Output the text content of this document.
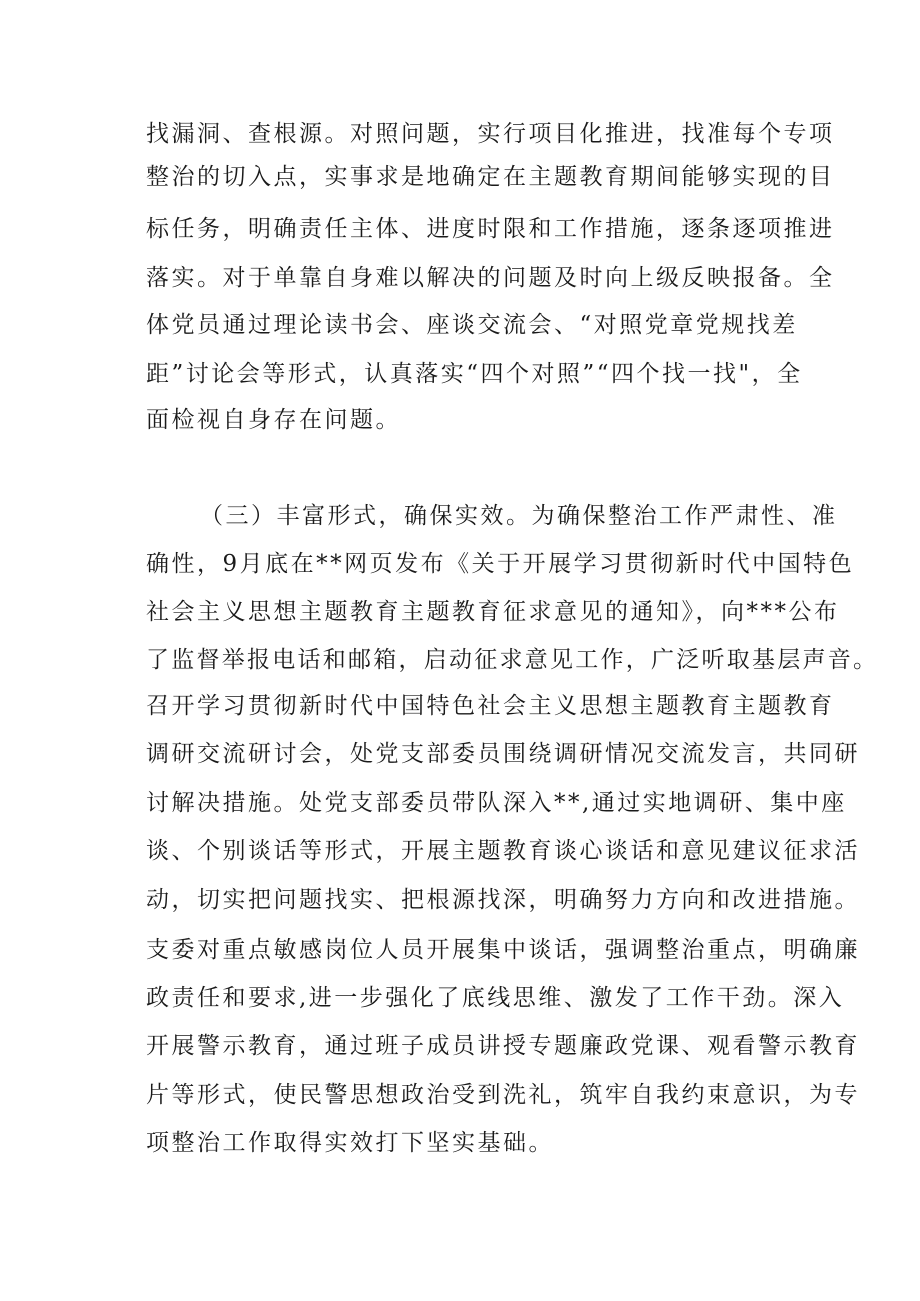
找漏洞、查根源。对照问题，实行项目化推进，找准每个专项
整治的切入点，实事求是地确定在主题教育期间能够实现的目
标任务，明确责任主体、进度时限和工作措施，逐条逐项推进
落实。对于单靠自身难以解决的问题及时向上级反映报备。全
体党员通过理论读书会、座谈交流会、“对照党章党规找差
距”讨论会等形式，认真落实“四个对照”“四个找一找"，全
面检视自身存在问题。
（三）丰富形式，确保实效。为确保整治工作严肃性、准
确性，9月底在**网页发布《关于开展学习贯彻新时代中国特色
社会主义思想主题教育主题教育征求意见的通知》，向***公布
了监督举报电话和邮箱，启动征求意见工作，广泛听取基层声音。
召开学习贯彻新时代中国特色社会主义思想主题教育主题教育
调研交流研讨会，处党支部委员围绕调研情况交流发言，共同研
讨解决措施。处党支部委员带队深入**,通过实地调研、集中座
谈、个别谈话等形式，开展主题教育谈心谈话和意见建议征求活
动，切实把问题找实、把根源找深，明确努力方向和改进措施。
支委对重点敏感岗位人员开展集中谈话，强调整治重点，明确廉
政责任和要求,进一步强化了底线思维、激发了工作干劲。深入
开展警示教育，通过班子成员讲授专题廉政党课、观看警示教育
片等形式，使民警思想政治受到洗礼，筑牢自我约束意识，为专
项整治工作取得实效打下坚实基础。
